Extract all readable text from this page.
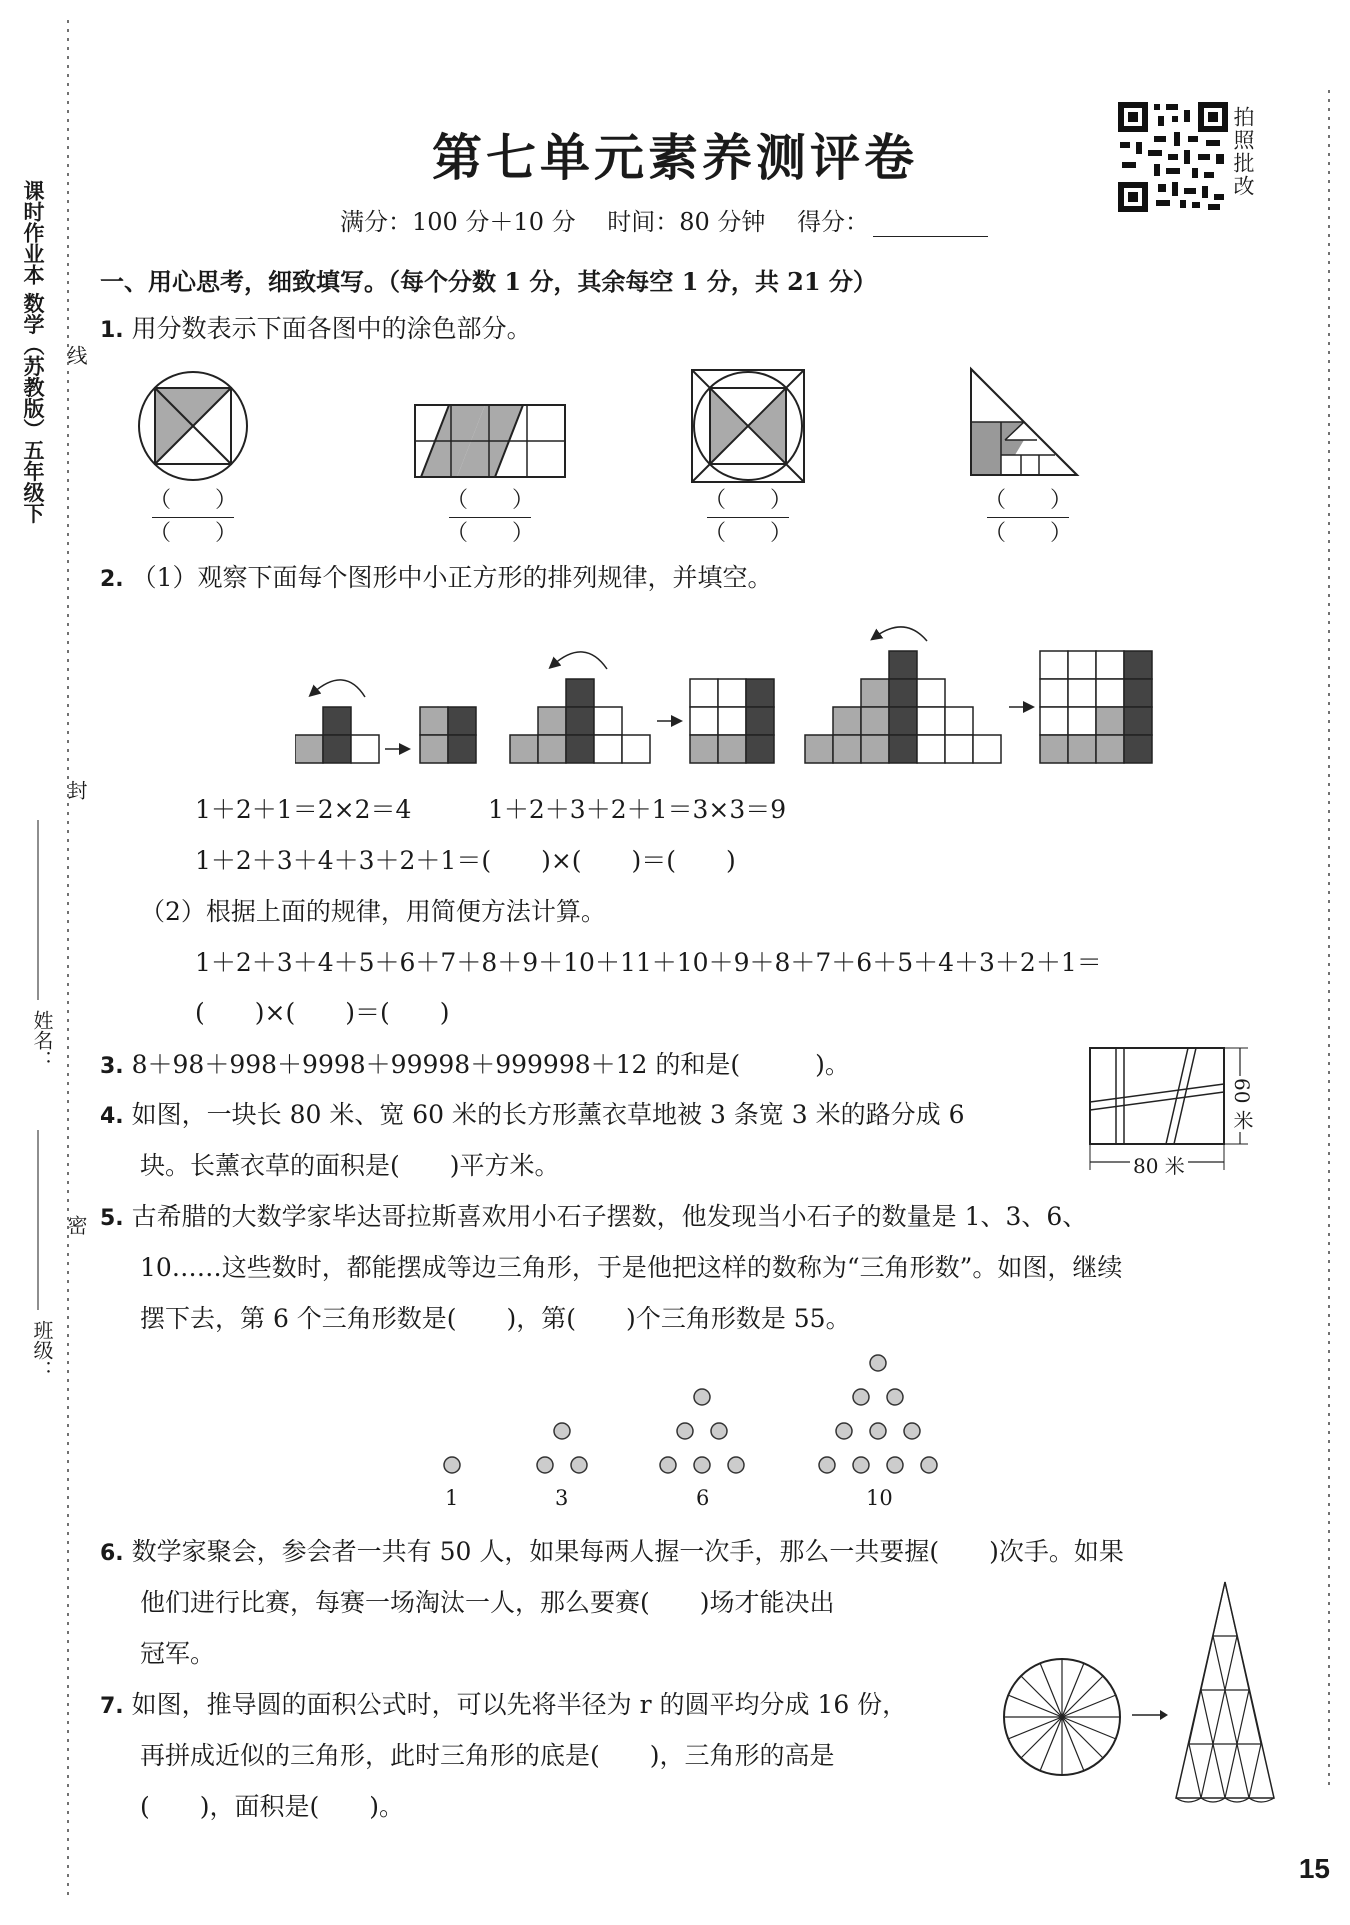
课时作业本 数学（苏教版）五年级下 线
封
密
姓名：
班级：
拍照批改
第七单元素养测评卷
满分：100 分＋10 分　 时间：80 分钟　 得分：
一、用心思考，细致填写。（每个分数 1 分，其余每空 1 分，共 21 分）
1. 用分数表示下面各图中的涂色部分。
（　　）
（　　）
（　　）
（　　）
（　　）
（　　）
（　　）
（　　）
2. （1）观察下面每个图形中小正方形的排列规律，并填空。
1＋2＋1＝2×2＝4	1＋2＋3＋2＋1＝3×3＝9
1＋2＋3＋4＋3＋2＋1＝(　　)×(　　)＝(　　)
（2）根据上面的规律，用简便方法计算。
1＋2＋3＋4＋5＋6＋7＋8＋9＋10＋11＋10＋9＋8＋7＋6＋5＋4＋3＋2＋1＝
(　　)×(　　)＝(　　)
3. 8＋98＋998＋9998＋99998＋999998＋12 的和是(　　　)。
4. 如图，一块长 80 米、宽 60 米的长方形薰衣草地被 3 条宽 3 米的路分成 6
块。长薰衣草的面积是(　　)平方米。	80 米
60 米
5. 古希腊的大数学家毕达哥拉斯喜欢用小石子摆数，他发现当小石子的数量是 1、3、6、
10……这些数时，都能摆成等边三角形，于是他把这样的数称为“三角形数”。如图，继续
摆下去，第 6 个三角形数是(　　)，第(　　)个三角形数是 55。
1	3	6	10
6. 数学家聚会，参会者一共有 50 人，如果每两人握一次手，那么一共要握(　　)次手。如果
他们进行比赛，每赛一场淘汰一人，那么要赛(　　)场才能决出
冠军。
7. 如图，推导圆的面积公式时，可以先将半径为 r 的圆平均分成 16 份，
再拼成近似的三角形，此时三角形的底是(　　)，三角形的高是
(　　)，面积是(　　)。
15
